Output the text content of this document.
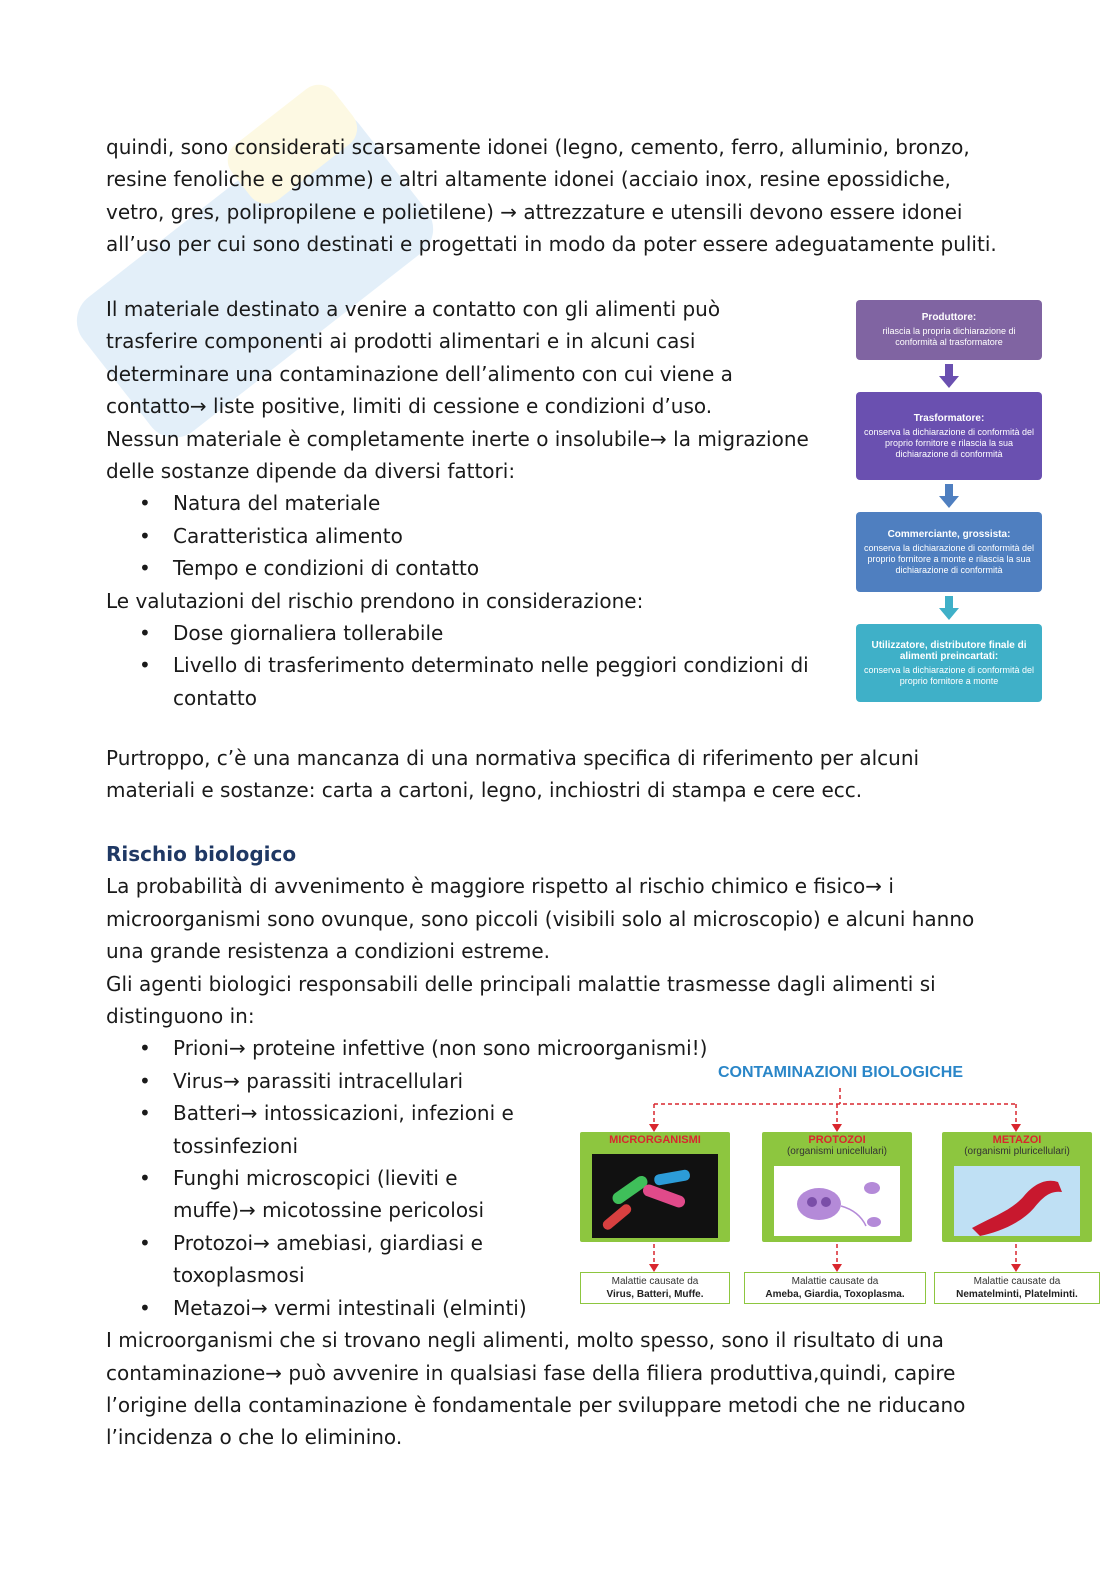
quindi, sono considerati scarsamente idonei (legno, cemento, ferro, alluminio, bronzo, resine fenoliche e gomme) e altri altamente idonei (acciaio inox, resine epossidiche, vetro, gres, polipropilene e polietilene) → attrezzature e utensili devono essere idonei all’uso per cui sono destinati e progettati in modo da poter essere adeguatamente puliti.

Il materiale destinato a venire a contatto con gli alimenti può trasferire componenti ai prodotti alimentari e in alcuni casi determinare una contaminazione dell’alimento con cui viene a contatto→ liste positive, limiti di cessione e condizioni d’uso.

Nessun materiale è completamente inerte o insolubile→ la migrazione delle sostanze dipende da diversi fattori:

• Natura del materiale
• Caratteristica alimento
• Tempo e condizioni di contatto

Le valutazioni del rischio prendono in considerazione:

• Dose giornaliera tollerabile
• Livello di trasferimento determinato nelle peggiori condizioni di contatto
Produttore:
rilascia la propria dichiarazione di conformità al trasformatore
Trasformatore:
conserva la dichiarazione di conformità del proprio fornitore e rilascia la sua dichiarazione di conformità
Commerciante, grossista:
conserva la dichiarazione di conformità del proprio fornitore a monte e rilascia la sua dichiarazione di conformità
Utilizzatore, distributore finale di alimenti preincartati:
conserva la dichiarazione di conformità del proprio fornitore a monte

Purtroppo, c’è una mancanza di una normativa specifica di riferimento per alcuni materiali e sostanze: carta a cartoni, legno, inchiostri di stampa e cere ecc.

Rischio biologico

La probabilità di avvenimento è maggiore rispetto al rischio chimico e fisico→ i microorganismi sono ovunque, sono piccoli (visibili solo al microscopio) e alcuni hanno una grande resistenza a condizioni estreme.

Gli agenti biologici responsabili delle principali malattie trasmesse dagli alimenti si distinguono in:

• Prioni→ proteine infettive (non sono microorganismi!)
• Virus→ parassiti intracellulari
• Batteri→ intossicazioni, infezioni e tossinfezioni
• Funghi microscopici (lieviti e muffe)→ micotossine pericolosi
• Protozoi→ amebiasi, giardiasi e toxoplasmosi
• Metazoi→ vermi intestinali (elminti)

I microorganismi che si trovano negli alimenti, molto spesso, sono il risultato di una contaminazione→ può avvenire in qualsiasi fase della filiera produttiva,quindi, capire l’origine della contaminazione è fondamentale per sviluppare metodi che ne riducano l’incidenza o che lo eliminino.

CONTAMINAZIONI BIOLOGICHE
MICRORGANISMI	PROTOZOI
(organismi unicellulari)
METAZOI
(organismi pluricellulari)
Malattie causate da
Virus, Batteri, Muffe.
Malattie causate da
Ameba, Giardia, Toxoplasma.
Malattie causate da
Nematelminti, Platelminti.
